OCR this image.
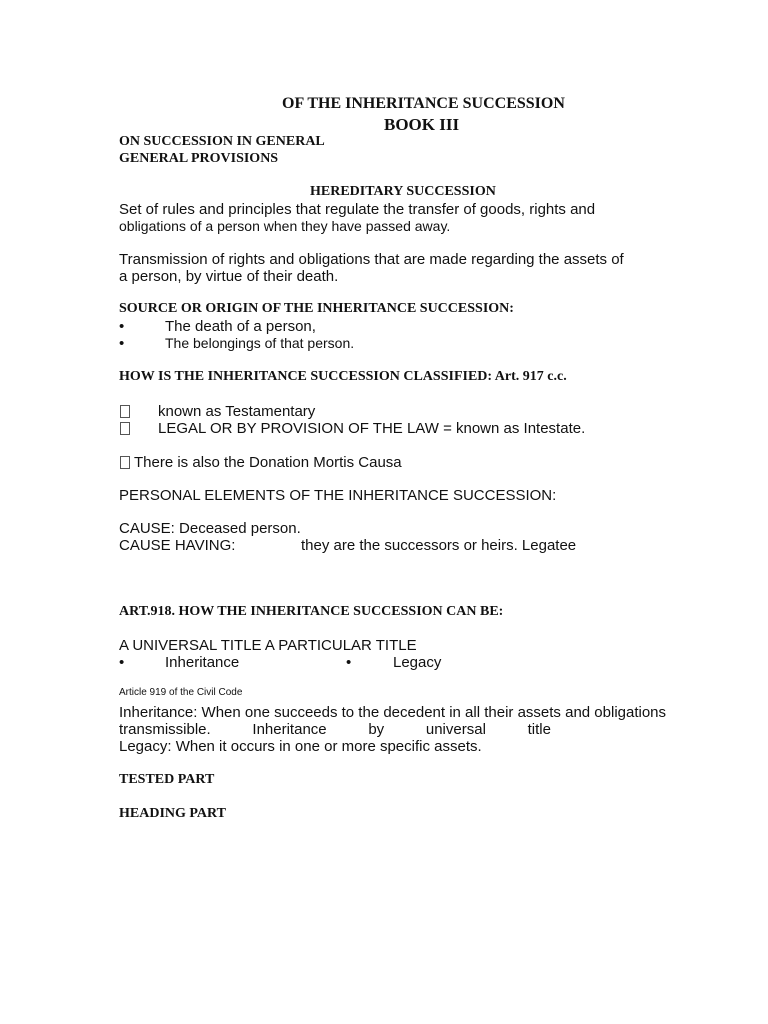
OF THE INHERITANCE SUCCESSION
BOOK III
ON SUCCESSION IN GENERAL
GENERAL PROVISIONS
HEREDITARY SUCCESSION
Set of rules and principles that regulate the transfer of goods, rights and
obligations of a person when they have passed away.
Transmission of rights and obligations that are made regarding the assets of
a person, by virtue of their death.
SOURCE OR ORIGIN OF THE INHERITANCE SUCCESSION:
•	The death of a person,
•	The belongings of that person.
HOW IS THE INHERITANCE SUCCESSION CLASSIFIED: Art. 917 c.c.
known as Testamentary
LEGAL OR BY PROVISION OF THE LAW = known as Intestate.
There is also the Donation Mortis Causa
PERSONAL ELEMENTS OF THE INHERITANCE SUCCESSION:
CAUSE: Deceased person.
CAUSE HAVING:	they are the successors or heirs. Legatee
ART.918. HOW THE INHERITANCE SUCCESSION CAN BE:
A UNIVERSAL TITLE A PARTICULAR TITLE
•	Inheritance	•	Legacy
Article 919 of the Civil Code
Inheritance: When one succeeds to the decedent in all their assets and obligations
transmissible.	Inheritance	by	universal	title
Legacy: When it occurs in one or more specific assets.
TESTED PART
HEADING PART
